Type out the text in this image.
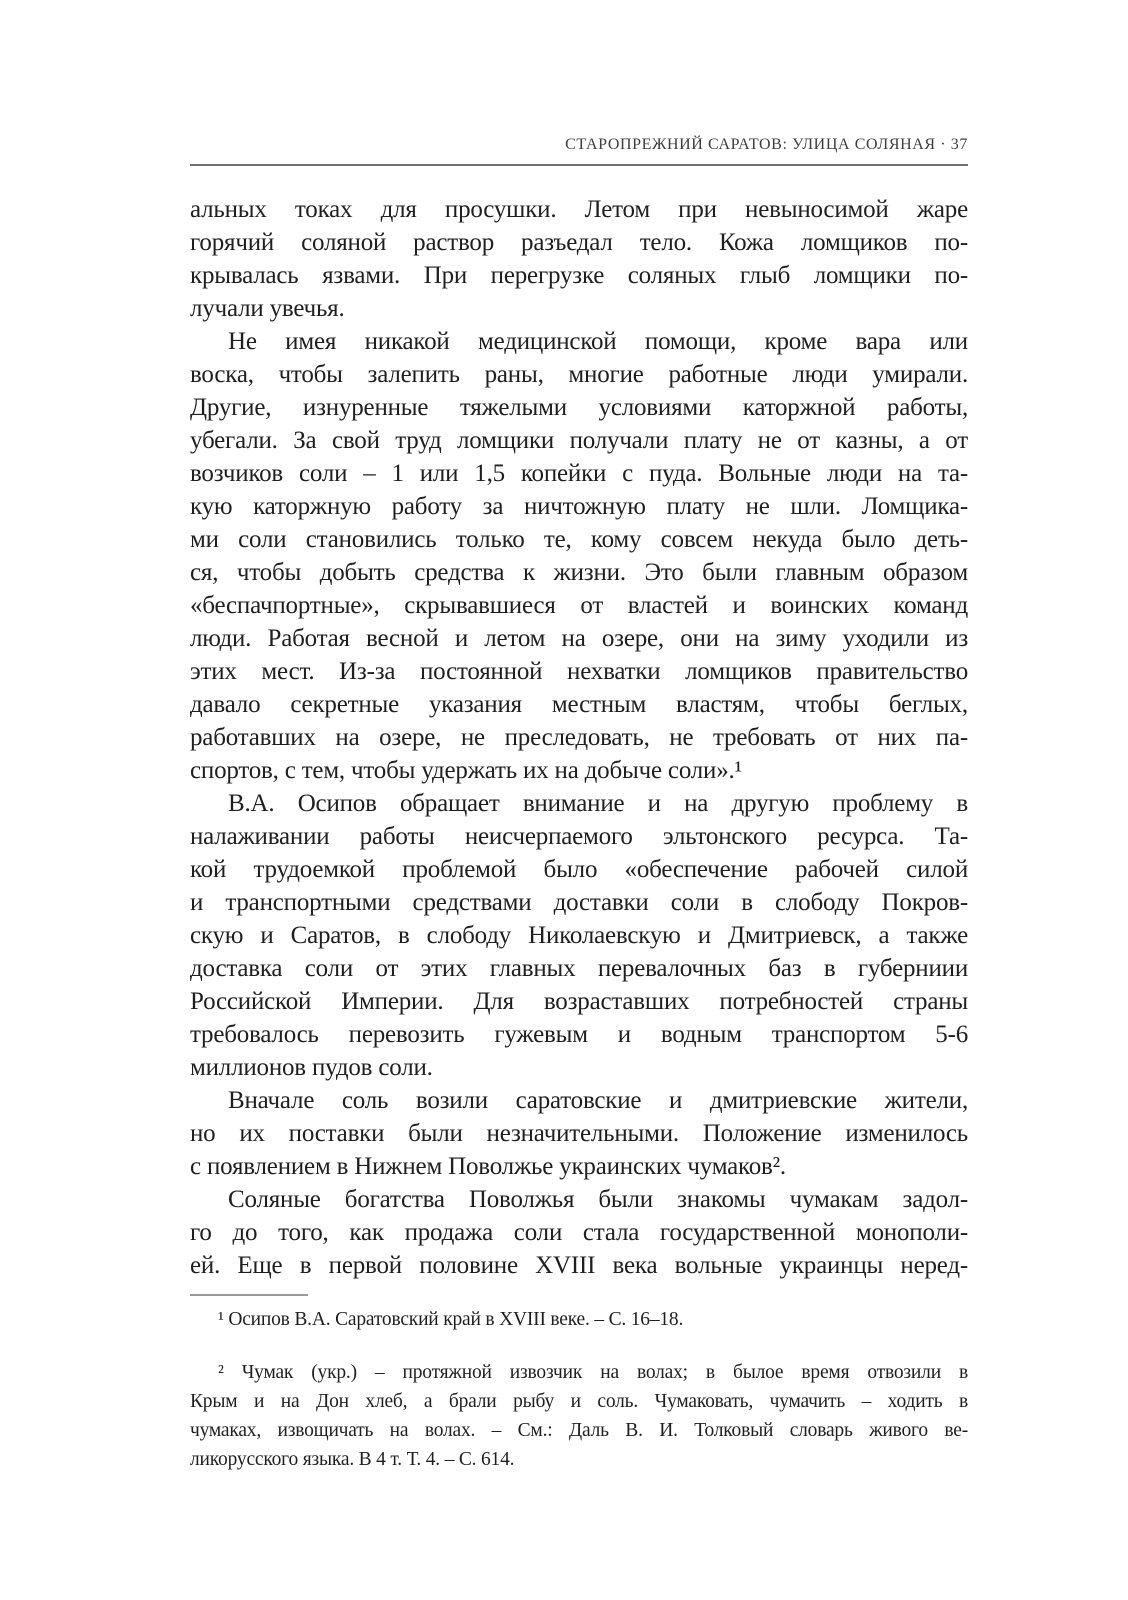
СТАРОПРЕЖНИЙ САРАТОВ: УЛИЦА СОЛЯНАЯ · 37
альных токах для просушки. Летом при невыносимой жаре
горячий соляной раствор разъедал тело. Кожа ломщиков по-
крывалась язвами. При перегрузке соляных глыб ломщики по-
лучали увечья.
Не имея никакой медицинской помощи, кроме вара или
воска, чтобы залепить раны, многие работные люди умирали.
Другие, изнуренные тяжелыми условиями каторжной работы,
убегали. За свой труд ломщики получали плату не от казны, а от
возчиков соли – 1 или 1,5 копейки с пуда. Вольные люди на та-
кую каторжную работу за ничтожную плату не шли. Ломщика-
ми соли становились только те, кому совсем некуда было деть-
ся, чтобы добыть средства к жизни. Это были главным образом
«беспачпортные», скрывавшиеся от властей и воинских команд
люди. Работая весной и летом на озере, они на зиму уходили из
этих мест. Из-за постоянной нехватки ломщиков правительство
давало секретные указания местным властям, чтобы беглых,
работавших на озере, не преследовать, не требовать от них па-
спортов, с тем, чтобы удержать их на добыче соли».¹
В.А. Осипов обращает внимание и на другую проблему в
налаживании работы неисчерпаемого эльтонского ресурса. Та-
кой трудоемкой проблемой было «обеспечение рабочей силой
и транспортными средствами доставки соли в слободу Покров-
скую и Саратов, в слободу Николаевскую и Дмитриевск, а также
доставка соли от этих главных перевалочных баз в губерниии
Российской Империи. Для возраставших потребностей страны
требовалось перевозить гужевым и водным транспортом 5-6
миллионов пудов соли.
Вначале соль возили саратовские и дмитриевские жители,
но их поставки были незначительными. Положение изменилось
с появлением в Нижнем Поволжье украинских чумаков².
Соляные богатства Поволжья были знакомы чумакам задол-
го до того, как продажа соли стала государственной монополи-
ей. Еще в первой половине XVIII века вольные украинцы неред-
¹ Осипов В.А. Саратовский край в XVIII веке. – С. 16–18.
² Чумак (укр.) – протяжной извозчик на волах; в былое время отвозили в
Крым и на Дон хлеб, а брали рыбу и соль. Чумаковать, чумачить – ходить в
чумаках, извощичать на волах. – См.: Даль В. И. Толковый словарь живого ве-
ликорусского языка. В 4 т. Т. 4. – С. 614.
